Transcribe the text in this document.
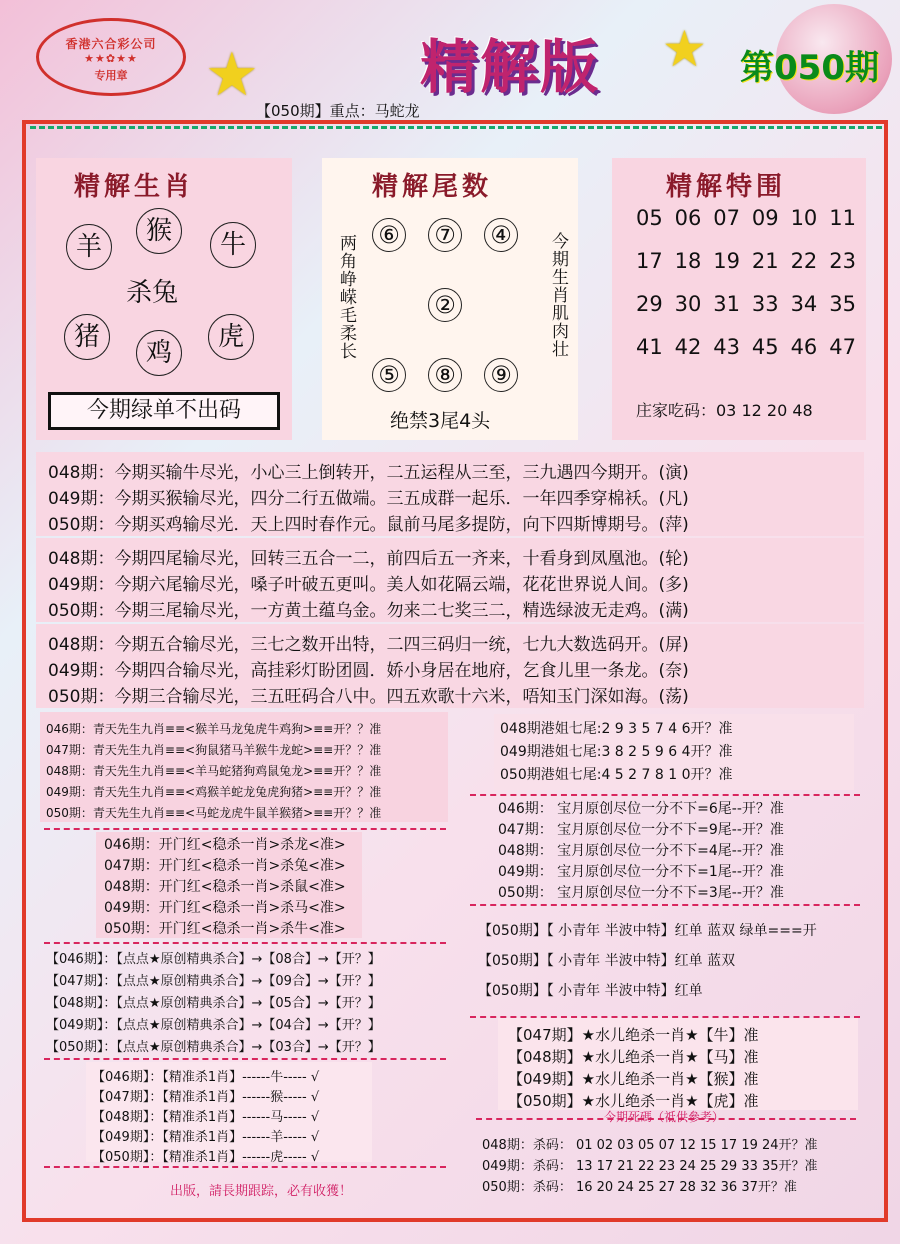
香港六合彩公司
★★✿★★
专用章	★	★
精解版	第050期
【050期】重点：马蛇龙
精解生肖
羊
猴	牛
杀兔
猪
鸡
虎
今期绿单不出码
精解尾数
两角峥嵘毛柔长	今期生肖肌肉壮
⑥ ⑦ ④
②
⑤ ⑧ ⑨
绝禁3尾4头
精解特围
05 06 07 09 10 11
17 18 19 21 22 23
29 30 31 33 34 35
41 42 43 45 46 47
庄家吃码：03 12 20 48
048期：今期买输牛尽光，小心三上倒转开，二五运程从三至，三九遇四今期开。(演)
049期：今期买猴输尽光，四分二行五做端。三五成群一起乐．一年四季穿棉袄。(凡)
050期：今期买鸡输尽光．天上四时春作元。鼠前马尾多提防，向下四斯博期号。(萍)
048期：今期四尾输尽光，回转三五合一二，前四后五一齐来，十看身到凤凰池。(轮)
049期：今期六尾输尽光，嗓子叶破五更叫。美人如花隔云端，花花世界说人间。(多)
050期：今期三尾输尽光，一方黄土蕴乌金。勿来二七奖三二，精选绿波无走鸡。(满)
048期：今期五合输尽光，三七之数开出特，二四三码归一统，七九大数选码开。(屏)
049期：今期四合输尽光，高挂彩灯盼团圆．娇小身居在地府，乞食儿里一条龙。(奈)
050期：今期三合输尽光，三五旺码合八中。四五欢歌十六米，唔知玉门深如海。(荡)
046期：青天先生九肖≡≡<猴羊马龙兔虎牛鸡狗>≡≡开？？准
047期：青天先生九肖≡≡<狗鼠猪马羊猴牛龙蛇>≡≡开？？准
048期：青天先生九肖≡≡<羊马蛇猪狗鸡鼠兔龙>≡≡开？？准
049期：青天先生九肖≡≡<鸡猴羊蛇龙兔虎狗猪>≡≡开？？准
050期：青天先生九肖≡≡<马蛇龙虎牛鼠羊猴猪>≡≡开？？准
046期：开门红<稳杀一肖>杀龙<准>
047期：开门红<稳杀一肖>杀兔<准>
048期：开门红<稳杀一肖>杀鼠<准>
049期：开门红<稳杀一肖>杀马<准>
050期：开门红<稳杀一肖>杀牛<准>
【046期】：【点点★原创精典杀合】→【08合】→【开？】
【047期】：【点点★原创精典杀合】→【09合】→【开？】
【048期】：【点点★原创精典杀合】→【05合】→【开？】
【049期】：【点点★原创精典杀合】→【04合】→【开？】
【050期】：【点点★原创精典杀合】→【03合】→【开？】
【046期】：【精准杀1肖】------牛----- √
【047期】：【精准杀1肖】------猴----- √
【048期】：【精准杀1肖】------马----- √
【049期】：【精准杀1肖】------羊----- √
【050期】：【精准杀1肖】------虎----- √
出版，請長期跟踪，必有收獲！
048期港姐七尾:2 9 3 5 7 4 6开？准
049期港姐七尾:3 8 2 5 9 6 4开？准
050期港姐七尾:4 5 2 7 8 1 0开？准
046期： 宝月原创尽位一分不下=6尾--开？准
047期： 宝月原创尽位一分不下=9尾--开？准
048期： 宝月原创尽位一分不下=4尾--开？准
049期： 宝月原创尽位一分不下=1尾--开？准
050期： 宝月原创尽位一分不下=3尾--开？准
【050期】【 小青年 半波中特】红单 蓝双 绿单===开
【050期】【 小青年 半波中特】红单 蓝双
【050期】【 小青年 半波中特】红单
【047期】★水儿绝杀一肖★【牛】准
【048期】★水儿绝杀一肖★【马】准
【049期】★水儿绝杀一肖★【猴】准
【050期】★水儿绝杀一肖★【虎】准
今期死碼（祗供參考）
048期：杀码： 01 02 03 05 07 12 15 17 19 24开？准
049期：杀码： 13 17 21 22 23 24 25 29 33 35开？准
050期：杀码： 16 20 24 25 27 28 32 36 37开？准
